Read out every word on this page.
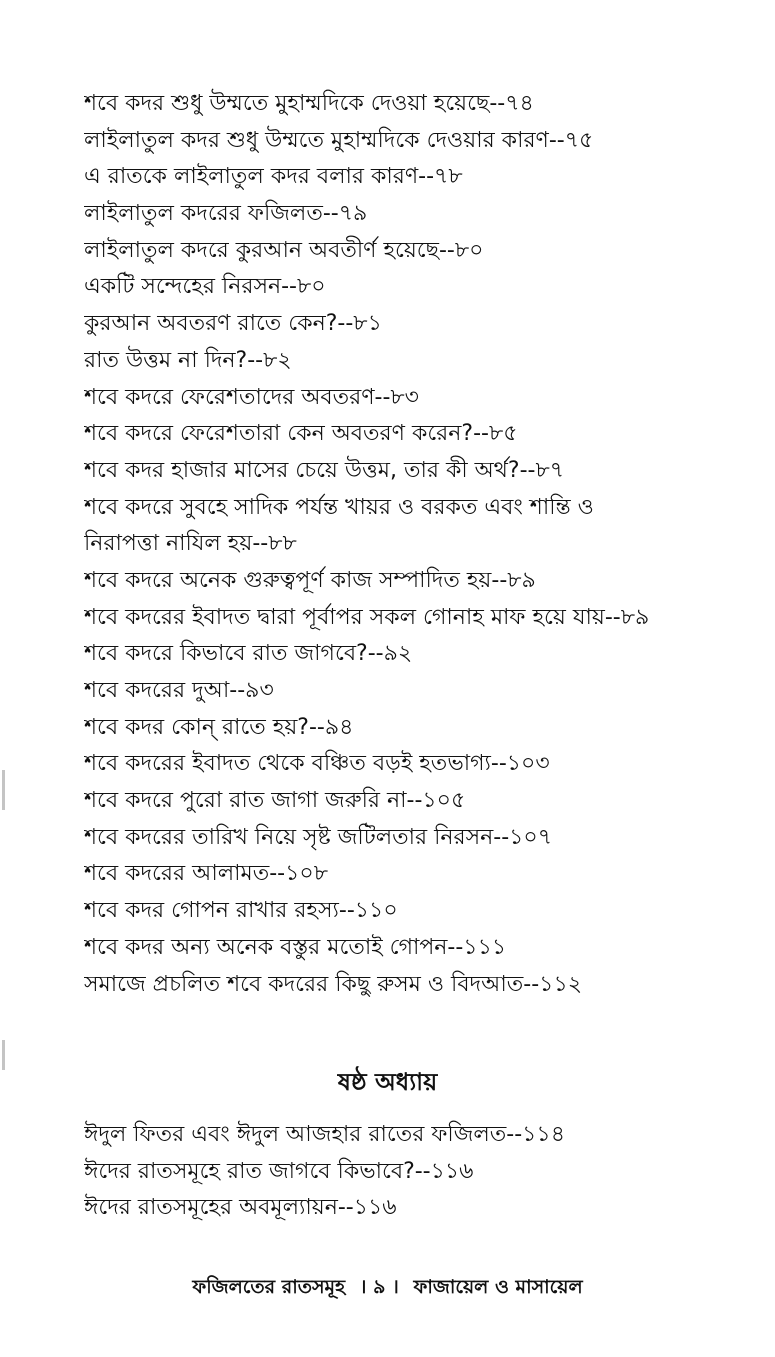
শবে কদর শুধু উম্মতে মুহাম্মদিকে দেওয়া হয়েছে--৭৪
লাইলাতুল কদর শুধু উম্মতে মুহাম্মদিকে দেওয়ার কারণ--৭৫
এ রাতকে লাইলাতুল কদর বলার কারণ--৭৮
লাইলাতুল কদরের ফজিলত--৭৯
লাইলাতুল কদরে কুরআন অবতীর্ণ হয়েছে--৮০
একটি সন্দেহের নিরসন--৮০
কুরআন অবতরণ রাতে কেন?--৮১
রাত উত্তম না দিন?--৮২
শবে কদরে ফেরেশতাদের অবতরণ--৮৩
শবে কদরে ফেরেশতারা কেন অবতরণ করেন?--৮৫
শবে কদর হাজার মাসের চেয়ে উত্তম, তার কী অর্থ?--৮৭
শবে কদরে সুবহে সাদিক পর্যন্ত খায়র ও বরকত এবং শান্তি ও
নিরাপত্তা নাযিল হয়--৮৮
শবে কদরে অনেক গুরুত্বপূর্ণ কাজ সম্পাদিত হয়--৮৯
শবে কদরের ইবাদত দ্বারা পূর্বাপর সকল গোনাহ মাফ হয়ে যায়--৮৯
শবে কদরে কিভাবে রাত জাগবে?--৯২
শবে কদরের দুআ--৯৩
শবে কদর কোন্ রাতে হয়?--৯৪
শবে কদরের ইবাদত থেকে বঞ্চিত বড়ই হতভাগ্য--১০৩
শবে কদরে পুরো রাত জাগা জরুরি না--১০৫
শবে কদরের তারিখ নিয়ে সৃষ্ট জটিলতার নিরসন--১০৭
শবে কদরের আলামত--১০৮
শবে কদর গোপন রাখার রহস্য--১১০
শবে কদর অন্য অনেক বস্তুর মতোই গোপন--১১১
সমাজে প্রচলিত শবে কদরের কিছু রুসম ও বিদআত--১১২
ষষ্ঠ অধ্যায়
ঈদুল ফিতর এবং ঈদুল আজহার রাতের ফজিলত--১১৪
ঈদের রাতসমূহে রাত জাগবে কিভাবে?--১১৬
ঈদের রাতসমূহের অবমূল্যায়ন--১১৬
ফজিলতের রাতসমূহ । ৯ । ফাজায়েল ও মাসায়েল
